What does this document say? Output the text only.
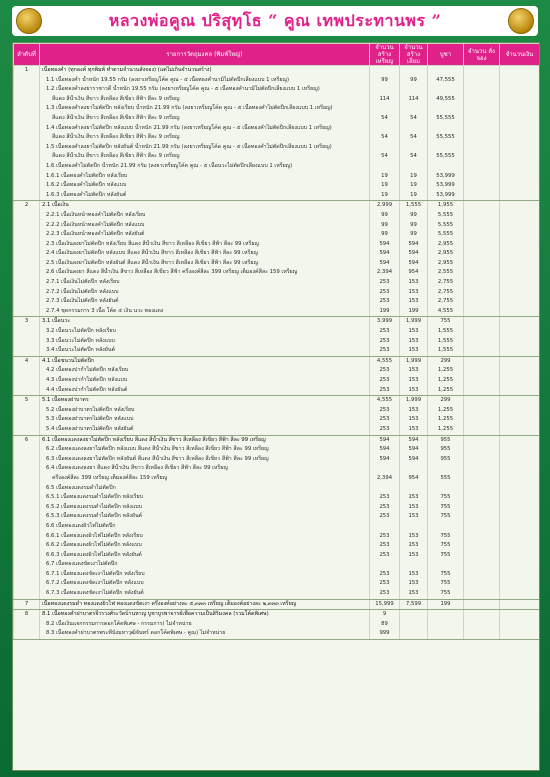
หลวงพ่อคูณ ปริสุทฺโธ “ คูณ เทพประทานพร ”
ลำดับที่	รายการวัตถุมงคล (พิมพ์ใหญ่)	จำนวนสร้าง เหรียญ	จำนวนสร้าง เลี่ยม	บูชา	จำนวน สั่งจอง	จำนวนเงิน
1	เนื้อทองคำ (ทุกองค์ ทุกพิมพ์ ทำตามจำนวนสั่งจอง) (แต่ไม่เกินจำนวนสร้าง)					
	1.1 เนื้อทองคำ น้ำหนัก 19.55 กรัม (ลงยาเหรียญโค้ด คูณ - ๕ เนื้อทองคำนามิไม่ตัดปีกเลี่ยงแบบ 1 เหรียญ)	99	99	47,555		
	1.2 เนื้อทองคำลงยาราชาวดี น้ำหนัก 19.55 กรัม (ลงยาเหรียญโค้ด คูณ - ๕ เนื้อทองคำนามิไม่ตัดปีกเลี่ยงแบบ 1 เหรียญ)					
	สีแดง สีน้ำเงิน สีขาว สีเหลือง สีเขียว สีฟ้า สีละ 9 เหรียญ	114	114	49,555		
	1.3 เนื้อทองคำลงยาไม่ตัดปีก หลังเรียบ น้ำหนัก 21.99 กรัม (ลงยาเหรียญโค้ด คูณ - ๕ เนื้อทองคำไม่ตัดปีกเลี่ยงแบบ 1 เหรียญ)					
	สีแดง สีน้ำเงิน สีขาว สีเหลือง สีเขียว สีฟ้า สีละ 9 เหรียญ	54	54	55,555		
	1.4 เนื้อทองคำลงยาไม่ตัดปีก หลังแบบ น้ำหนัก 21.99 กรัม (ลงยาเหรียญโค้ด คูณ - ๕ เนื้อทองคำไม่ตัดปีกเลี่ยงแบบ 1 เหรียญ)					
	สีแดง สีน้ำเงิน สีขาว สีเหลือง สีเขียว สีฟ้า สีละ 9 เหรียญ	54	54	55,555		
	1.5 เนื้อทองคำลงยาไม่ตัดปีก หลังยันต์ น้ำหนัก 21.99 กรัม (ลงยาเหรียญโค้ด คูณ - ๕ เนื้อทองคำไม่ตัดปีกเลี่ยงแบบ 1 เหรียญ)					
	สีแดง สีน้ำเงิน สีขาว สีเหลือง สีเขียว สีฟ้า สีละ 9 เหรียญ	54	54	55,555		
	1.6 เนื้อทองคำไม่ตัดปีก น้ำหนัก 21.99 กรัม (ลงยาเหรียญโค้ด คูณ - ๕ เนื้อนวะไม่ตัดปีกเลี่ยงแบบ 1 เหรียญ)					
	1.6.1 เนื้อทองคำไม่ตัดปีก หลังเรียบ	19	19	53,999		
	1.6.2 เนื้อทองคำไม่ตัดปีก หลังแบบ	19	19	53,999		
	1.6.3 เนื้อทองคำไม่ตัดปีก หลังยันต์	19	19	53,999		
2	2.1 เนื้อเงิน	2,999	1,555	1,955		
	2.2.1 เนื้อเงินหน้าทองคำไม่ตัดปีก หลังเรียบ	99	99	5,555		
	2.2.2 เนื้อเงินหน้าทองคำไม่ตัดปีก หลังแบบ	99	99	5,555		
	2.2.3 เนื้อเงินหน้าทองคำไม่ตัดปีก หลังยันต์	99	99	5,555		
	2.3 เนื้อเงินลงยาไม่ตัดปีก หลังเรียบ สีแดง สีน้ำเงิน สีขาว สีเหลือง สีเขียว สีฟ้า สีละ 99 เหรียญ	594	594	2,955		
	2.4 เนื้อเงินลงยาไม่ตัดปีก หลังแบบ สีแดง สีน้ำเงิน สีขาว สีเหลือง สีเขียว สีฟ้า สีละ 99 เหรียญ	594	594	2,955		
	2.5 เนื้อเงินลงยาไม่ตัดปีก หลังยันต์ สีแดง สีน้ำเงิน สีขาว สีเหลือง สีเขียว สีฟ้า สีละ 99 เหรียญ	594	594	2,955		
	2.6 เนื้อเงินลงยา สีแดง สีน้ำเงิน สีขาว สีเหลือง สีเขียว สีฟ้า ครึ่งองค์สีละ 399 เหรียญ เต็มองค์สีละ 159 เหรียญ	2,394	954	2,555		
	2.7.1 เนื้อเงินไม่ตัดปีก หลังเรียบ	253	153	2,755		
	2.7.2 เนื้อเงินไม่ตัดปีก หลังแบบ	253	153	2,755		
	2.7.3 เนื้อเงินไม่ตัดปีก หลังยันต์	253	153	2,755		
	2.7.4 ชุดกรรมการ 3 เนื้อ โค้ด ๕ เงิน นวะ ทองแดง	199	199	4,555		
3	3.1 เนื้อนวะ	3,999	1,999	755		
	3.2 เนื้อนวะไม่ตัดปีก หลังเรียบ	253	153	1,555		
	3.3 เนื้อนวะไม่ตัดปีก หลังแบบ	253	153	1,555		
	3.4 เนื้อนวะไม่ตัดปีก หลังยันต์	253	153	1,555		
4	4.1 เนื้อชนวนไม่ตัดปีก	4,555	1,999	299		
	4.2 เนื้อทองปากำไม่ตัดปีก หลังเรียบ	253	153	1,255		
	4.3 เนื้อทองปากำไม่ตัดปีก หลังแบบ	253	153	1,255		
	4.4 เนื้อทองปากำไม่ตัดปีก หลังยันต์	253	153	1,255		
5	5.1 เนื้อทองฝาบาตร	4,555	1,999	299		
	5.2 เนื้อทองฝาบาตรไม่ตัดปีก หลังเรียบ	253	153	1,255		
	5.3 เนื้อทองฝาบาตรไม่ตัดปีก หลังแบบ	253	153	1,255		
	5.4 เนื้อทองฝาบาตรไม่ตัดปีก หลังยันต์	253	153	1,255		
6	6.1 เนื้อทองแดงลงยาไม่ตัดปีก หลังเรียบ สีแดง สีน้ำเงิน สีขาว สีเหลือง สีเขียว สีฟ้า สีละ 99 เหรียญ	594	594	955		
	6.2 เนื้อทองแดงลงยาไม่ตัดปีก หลังแบบ สีแดง สีน้ำเงิน สีขาว สีเหลือง สีเขียว สีฟ้า สีละ 99 เหรียญ	594	594	955		
	6.3 เนื้อทองแดงลงยาไม่ตัดปีก หลังยันต์ สีแดง สีน้ำเงิน สีขาว สีเหลือง สีเขียว สีฟ้า สีละ 99 เหรียญ	594	594	955		
	6.4 เนื้อทองแดงลงยา สีแดง สีน้ำเงิน สีขาว สีเหลือง สีเขียว สีฟ้า สีละ 99 เหรียญ					
	ครึ่งองค์สีละ 399 เหรียญ เต็มองค์สีละ 159 เหรียญ	2,394	954	555		
	6.5 เนื้อทองแดงรมดำไม่ตัดปีก					
	6.5.1 เนื้อทองแดงรมดำไม่ตัดปีก หลังเรียบ	253	153	755		
	6.5.2 เนื้อทองแดงรมดำไม่ตัดปีก หลังแบบ	253	153	755		
	6.5.3 เนื้อทองแดงรมดำไม่ตัดปีก หลังยันต์	253	153	755		
	6.6 เนื้อทองแดงผิวไฟไม่ตัดปีก					
	6.6.1 เนื้อทองแดงผิวไฟไม่ตัดปีก หลังเรียบ	253	153	755		
	6.6.2 เนื้อทองแดงผิวไฟไม่ตัดปีก หลังแบบ	253	153	755		
	6.6.3 เนื้อทองแดงผิวไฟไม่ตัดปีก หลังยันต์	253	153	755		
	6.7 เนื้อทองแดงขัดเงาไม่ตัดปีก					
	6.7.1 เนื้อทองแดงขัดเงาไม่ตัดปีก หลังเรียบ	253	153	755		
	6.7.2 เนื้อทองแดงขัดเงาไม่ตัดปีก หลังแบบ	253	153	755		
	6.7.3 เนื้อทองแดงขัดเงาไม่ตัดปีก หลังยันต์	253	153	755		
7	เนื้อทองแดงรมดำ ทองแดงผิวไฟ ทองแดงขัดเงา ครึ่งองค์อย่างละ ๕,๓๓๓ เหรียญ เต็มองค์อย่างละ ๒,๓๓๓ เหรียญ	15,999	7,599	199		
8	8.1 เนื้อทองคำฝาบาตรจีวรวงศ์ระวัดบ้านหาญ บูชาบูรพาจารย์เพื่อความเป็นสิริมงคล (รวมโค้ดพิเศษ)	9				
	8.2 เนื้อเงินแจกกรรมการดอกโค้ดพิเศษ - กรรมการ) ไม่จำหน่าย	89				
	8.3 เนื้อทองคำฝาบาตรพระที่นั่งมหาวุฒิจันทร์ ดอกโค้ดพิเศษ - คูณ) ไม่จำหน่าย	999				
